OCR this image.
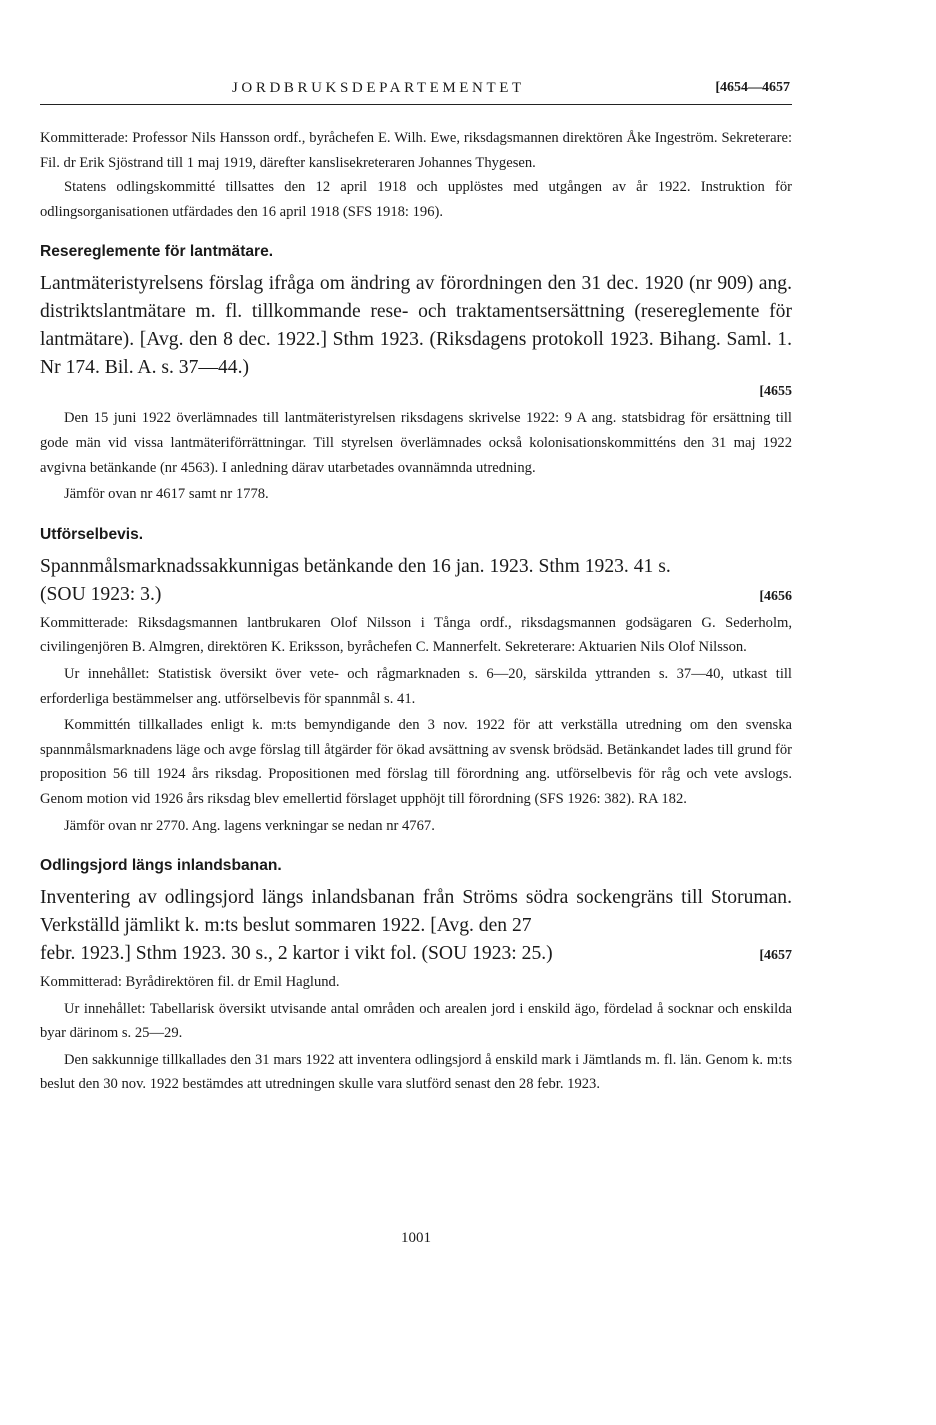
JORDBRUKSDEPARTEMENTET	[4654—4657

Kommitterade: Professor Nils Hansson ordf., byråchefen E. Wilh. Ewe, riksdagsmannen direktören Åke Ingeström. Sekreterare: Fil. dr Erik Sjöstrand till 1 maj 1919, därefter kanslisekreteraren Johannes Thygesen.

Statens odlingskommitté tillsattes den 12 april 1918 och upplöstes med utgången av år 1922. Instruktion för odlingsorganisationen utfärdades den 16 april 1918 (SFS 1918: 196).

Resereglemente för lantmätare.

Lantmäteristyrelsens förslag ifråga om ändring av förordningen den 31 dec. 1920 (nr 909) ang. distriktslantmätare m. fl. tillkommande rese- och traktamentsersättning (resereglemente för lantmätare). [Avg. den 8 dec. 1922.] Sthm 1923. (Riksdagens protokoll 1923. Bihang. Saml. 1. Nr 174. Bil. A. s. 37—44.)

[4655

Den 15 juni 1922 överlämnades till lantmäteristyrelsen riksdagens skrivelse 1922: 9 A ang. statsbidrag för ersättning till gode män vid vissa lantmäteriförrättningar. Till styrelsen överlämnades också kolonisationskommitténs den 31 maj 1922 avgivna betänkande (nr 4563). I anledning därav utarbetades ovannämnda utredning.

Jämför ovan nr 4617 samt nr 1778.

Utförselbevis.

Spannmålsmarknadssakkunnigas betänkande den 16 jan. 1923. Sthm 1923. 41 s.

(SOU 1923: 3.)	[4656

Kommitterade: Riksdagsmannen lantbrukaren Olof Nilsson i Tånga ordf., riksdagsmannen godsägaren G. Sederholm, civilingenjören B. Almgren, direktören K. Eriksson, byråchefen C. Mannerfelt. Sekreterare: Aktuarien Nils Olof Nilsson.

Ur innehållet: Statistisk översikt över vete- och rågmarknaden s. 6—20, särskilda yttranden s. 37—40, utkast till erforderliga bestämmelser ang. utförselbevis för spannmål s. 41.

Kommittén tillkallades enligt k. m:ts bemyndigande den 3 nov. 1922 för att verkställa utredning om den svenska spannmålsmarknadens läge och avge förslag till åtgärder för ökad avsättning av svensk brödsäd. Betänkandet lades till grund för proposition 56 till 1924 års riksdag. Propositionen med förslag till förordning ang. utförselbevis för råg och vete avslogs. Genom motion vid 1926 års riksdag blev emellertid förslaget upphöjt till förordning (SFS 1926: 382). RA 182.

Jämför ovan nr 2770. Ang. lagens verkningar se nedan nr 4767.

Odlingsjord längs inlandsbanan.

Inventering av odlingsjord längs inlandsbanan från Ströms södra sockengräns till Storuman. Verkställd jämlikt k. m:ts beslut sommaren 1922. [Avg. den 27

febr. 1923.] Sthm 1923. 30 s., 2 kartor i vikt fol. (SOU 1923: 25.)	[4657

Kommitterad: Byrådirektören fil. dr Emil Haglund.

Ur innehållet: Tabellarisk översikt utvisande antal områden och arealen jord i enskild ägo, fördelad å socknar och enskilda byar därinom s. 25—29.

Den sakkunnige tillkallades den 31 mars 1922 att inventera odlingsjord å enskild mark i Jämtlands m. fl. län. Genom k. m:ts beslut den 30 nov. 1922 bestämdes att utredningen skulle vara slutförd senast den 28 febr. 1923.

1001
